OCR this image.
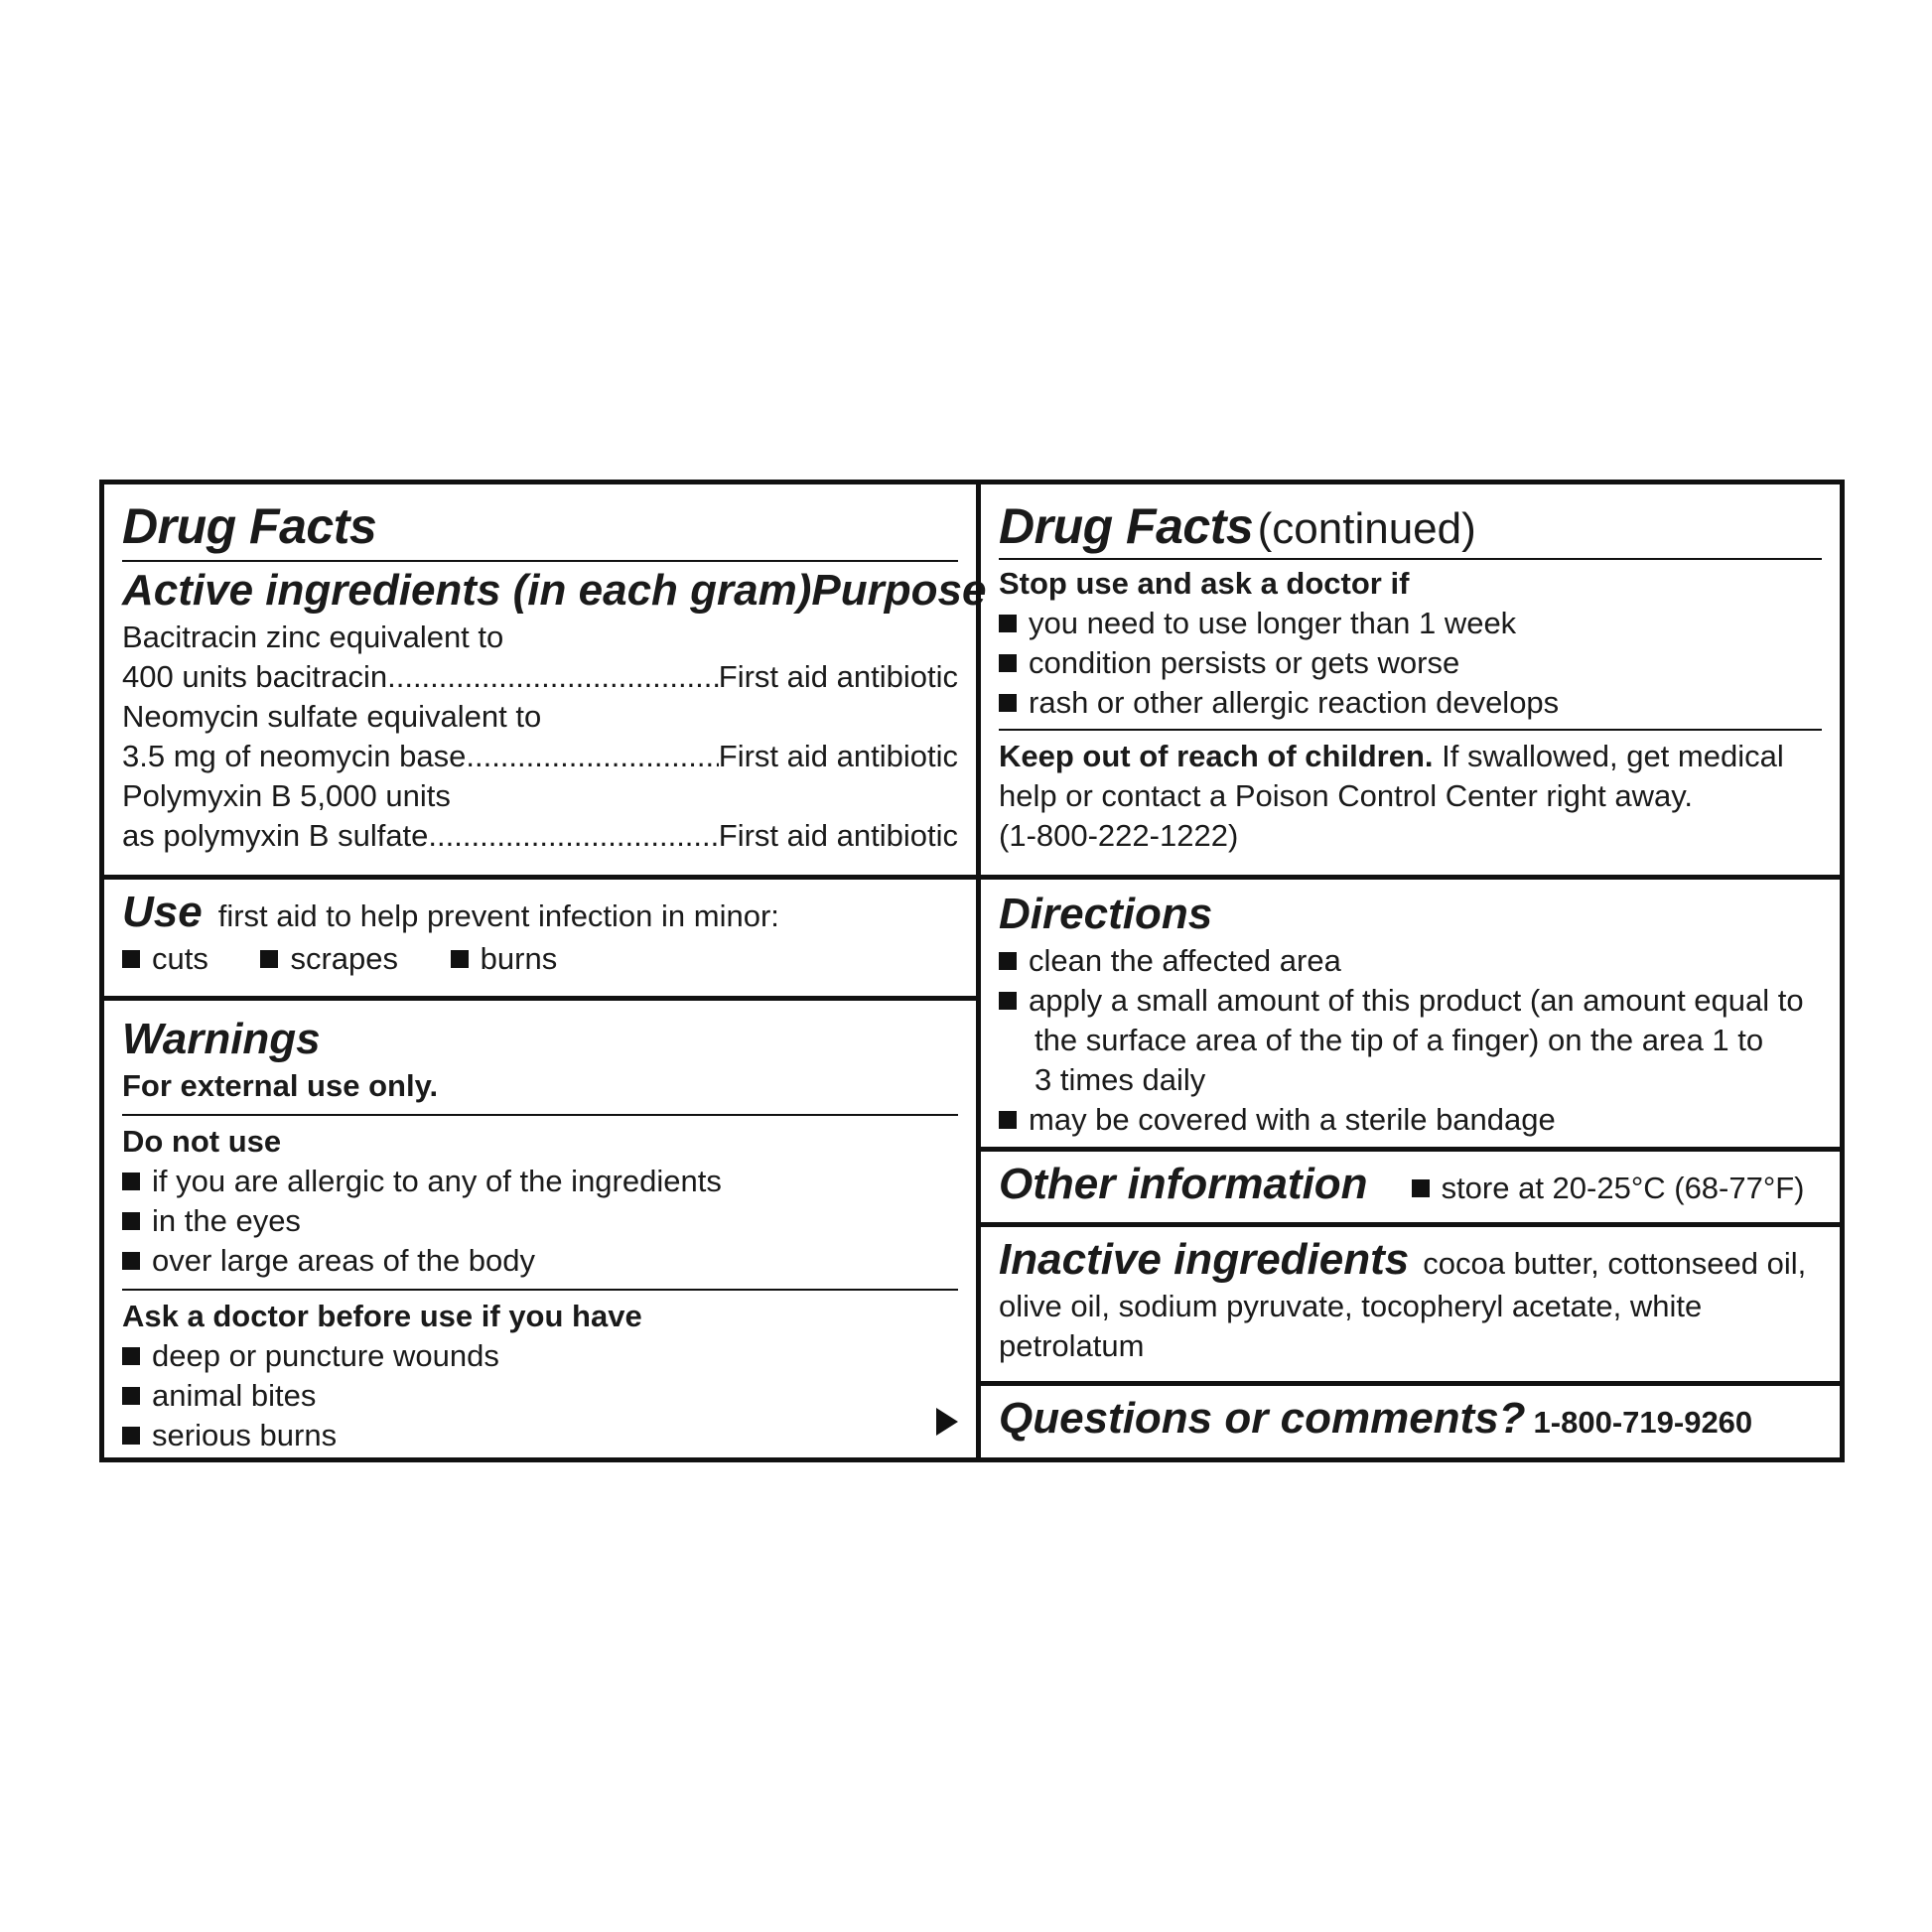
Drug Facts
Active ingredients (in each gram) Purpose
Bacitracin zinc equivalent to
400 units bacitracin .....	First aid antibiotic
Neomycin sulfate equivalent to
3.5 mg of neomycin base .....	First aid antibiotic
Polymyxin B 5,000 units
as polymyxin B sulfate .....	First aid antibiotic
Use first aid to help prevent infection in minor:
cuts	scrapes	burns
Warnings
For external use only.
Do not use
if you are allergic to any of the ingredients
in the eyes
over large areas of the body
Ask a doctor before use if you have
deep or puncture wounds
animal bites
serious burns
Drug Facts (continued)
Stop use and ask a doctor if
you need to use longer than 1 week
condition persists or gets worse
rash or other allergic reaction develops
Keep out of reach of children. If swallowed, get medical
help or contact a Poison Control Center right away.
(1-800-222-1222)
Directions
clean the affected area
apply a small amount of this product (an amount equal to
the surface area of the tip of a finger) on the area 1 to
3 times daily
may be covered with a sterile bandage
Other information	store at 20-25°C (68-77°F)
Inactive ingredients cocoa butter, cottonseed oil,
olive oil, sodium pyruvate, tocopheryl acetate, white
petrolatum
Questions or comments? 1-800-719-9260
